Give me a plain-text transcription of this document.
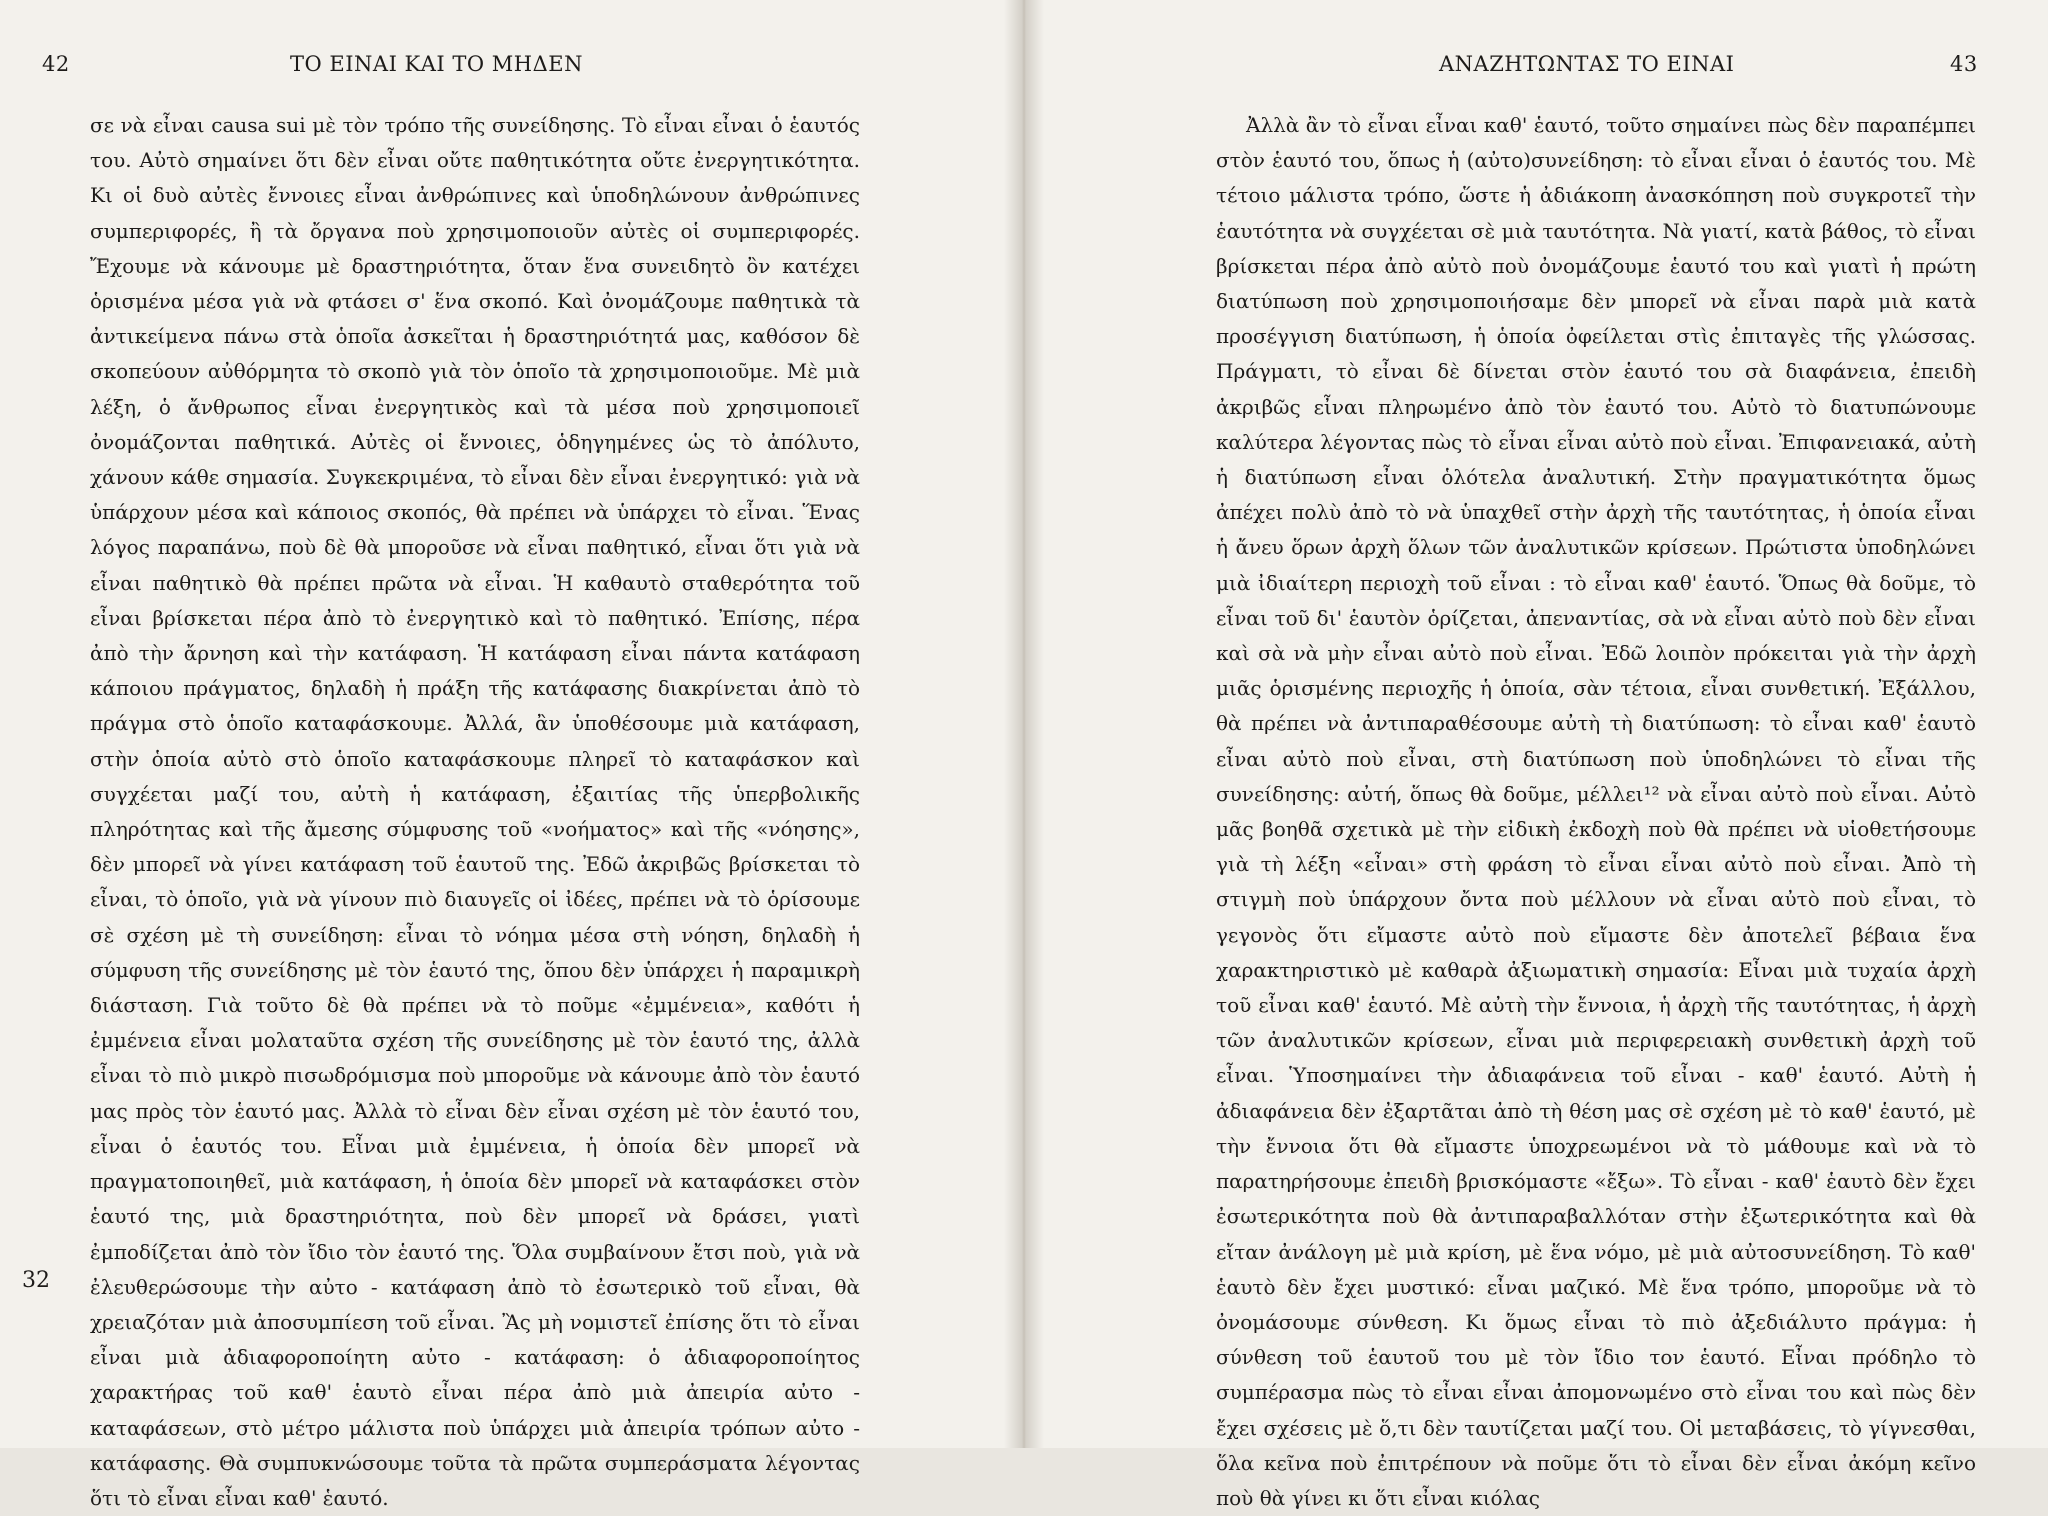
42	ΤΟ ΕΙΝΑΙ ΚΑΙ ΤΟ ΜΗΔΕΝ
32

σε νὰ εἶναι causa sui μὲ τὸν τρόπο τῆς συνείδησης. Τὸ εἶναι εἶναι ὁ ἑαυτός του. Αὐτὸ σημαίνει ὅτι δὲν εἶναι οὔτε παθητικότητα οὔτε ἐνεργητικότητα. Κι οἱ δυὸ αὐτὲς ἔννοιες εἶναι ἀνθρώπινες καὶ ὑποδηλώνουν ἀνθρώπινες συμπεριφορές, ἢ τὰ ὄργανα ποὺ χρησιμοποιοῦν αὐτὲς οἱ συμπεριφορές. Ἔχουμε νὰ κάνουμε μὲ δραστηριότητα, ὅταν ἕνα συνειδητὸ ὂν κατέχει ὁρισμένα μέσα γιὰ νὰ φτάσει σ' ἕνα σκοπό. Καὶ ὀνομάζουμε παθητικὰ τὰ ἀντικείμενα πάνω στὰ ὁποῖα ἀσκεῖται ἡ δραστηριότητά μας, καθόσον δὲ σκοπεύουν αὐθόρμητα τὸ σκοπὸ γιὰ τὸν ὁποῖο τὰ χρησιμοποιοῦμε. Μὲ μιὰ λέξη, ὁ ἄνθρωπος εἶναι ἐνεργητικὸς καὶ τὰ μέσα ποὺ χρησιμοποιεῖ ὀνομάζονται παθητικά. Αὐτὲς οἱ ἔννοιες, ὁδηγημένες ὡς τὸ ἀπόλυτο, χάνουν κάθε σημασία. Συγκεκριμένα, τὸ εἶναι δὲν εἶναι ἐνεργητικό: γιὰ νὰ ὑπάρχουν μέσα καὶ κάποιος σκοπός, θὰ πρέπει νὰ ὑπάρχει τὸ εἶναι. Ἕνας λόγος παραπάνω, ποὺ δὲ θὰ μποροῦσε νὰ εἶναι παθητικό, εἶναι ὅτι γιὰ νὰ εἶναι παθητικὸ θὰ πρέπει πρῶτα νὰ εἶναι. Ἡ καθαυτὸ σταθερότητα τοῦ εἶναι βρίσκεται πέρα ἀπὸ τὸ ἐνεργητικὸ καὶ τὸ παθητικό. Ἐπίσης, πέρα ἀπὸ τὴν ἄρνηση καὶ τὴν κατάφαση. Ἡ κατάφαση εἶναι πάντα κατάφαση κάποιου πράγματος, δηλαδὴ ἡ πράξη τῆς κατάφασης διακρίνεται ἀπὸ τὸ πράγμα στὸ ὁποῖο καταφάσκουμε. Ἀλλά, ἂν ὑποθέσουμε μιὰ κατάφαση, στὴν ὁποία αὐτὸ στὸ ὁποῖο καταφάσκουμε πληρεῖ τὸ καταφάσκον καὶ συγχέεται μαζί του, αὐτὴ ἡ κατάφαση, ἐξαιτίας τῆς ὑπερβολικῆς πληρότητας καὶ τῆς ἄμεσης σύμφυσης τοῦ «νοήματος» καὶ τῆς «νόησης», δὲν μπορεῖ νὰ γίνει κατάφαση τοῦ ἑαυτοῦ της. Ἐδῶ ἀκριβῶς βρίσκεται τὸ εἶναι, τὸ ὁποῖο, γιὰ νὰ γίνουν πιὸ διαυγεῖς οἱ ἰδέες, πρέπει νὰ τὸ ὁρίσουμε σὲ σχέση μὲ τὴ συνείδηση: εἶναι τὸ νόημα μέσα στὴ νόηση, δηλαδὴ ἡ σύμφυση τῆς συνείδησης μὲ τὸν ἑαυτό της, ὅπου δὲν ὑπάρχει ἡ παραμικρὴ διάσταση. Γιὰ τοῦτο δὲ θὰ πρέπει νὰ τὸ ποῦμε «ἐμμένεια», καθότι ἡ ἐμμένεια εἶναι μολαταῦτα σχέση τῆς συνείδησης μὲ τὸν ἑαυτό της, ἀλλὰ εἶναι τὸ πιὸ μικρὸ πισωδρόμισμα ποὺ μποροῦμε νὰ κάνουμε ἀπὸ τὸν ἑαυτό μας πρὸς τὸν ἑαυτό μας. Ἀλλὰ τὸ εἶναι δὲν εἶναι σχέση μὲ τὸν ἑαυτό του, εἶναι ὁ ἑαυτός του. Εἶναι μιὰ ἐμμένεια, ἡ ὁποία δὲν μπορεῖ νὰ πραγματοποιηθεῖ, μιὰ κατάφαση, ἡ ὁποία δὲν μπορεῖ νὰ καταφάσκει στὸν ἑαυτό της, μιὰ δραστηριότητα, ποὺ δὲν μπορεῖ νὰ δράσει, γιατὶ ἐμποδίζεται ἀπὸ τὸν ἴδιο τὸν ἑαυτό της. Ὅλα συμβαίνουν ἔτσι ποὺ, γιὰ νὰ ἐλευθερώσουμε τὴν αὐτο - κατάφαση ἀπὸ τὸ ἐσωτερικὸ τοῦ εἶναι, θὰ χρειαζόταν μιὰ ἀποσυμπίεση τοῦ εἶναι. Ἂς μὴ νομιστεῖ ἐπίσης ὅτι τὸ εἶναι εἶναι μιὰ ἀδιαφοροποίητη αὐτο - κατάφαση: ὁ ἀδιαφοροποίητος χαρακτήρας τοῦ καθ' ἑαυτὸ εἶναι πέρα ἀπὸ μιὰ ἀπειρία αὐτο - καταφάσεων, στὸ μέτρο μάλιστα ποὺ ὑπάρχει μιὰ ἀπειρία τρόπων αὐτο - κατάφασης. Θὰ συμπυκνώσουμε τοῦτα τὰ πρῶτα συμπεράσματα λέγοντας ὅτι τὸ εἶναι εἶναι καθ' ἑαυτό.

ΑΝΑΖΗΤΩΝΤΑΣ ΤΟ ΕΙΝΑΙ	43

Ἀλλὰ ἂν τὸ εἶναι εἶναι καθ' ἑαυτό, τοῦτο σημαίνει πὼς δὲν παραπέμπει στὸν ἑαυτό του, ὅπως ἡ (αὐτο)συνείδηση: τὸ εἶναι εἶναι ὁ ἑαυτός του. Μὲ τέτοιο μάλιστα τρόπο, ὥστε ἡ ἀδιάκοπη ἀνασκόπηση ποὺ συγκροτεῖ τὴν ἑαυτότητα νὰ συγχέεται σὲ μιὰ ταυτότητα. Νὰ γιατί, κατὰ βάθος, τὸ εἶναι βρίσκεται πέρα ἀπὸ αὐτὸ ποὺ ὀνομάζουμε ἑαυτό του καὶ γιατὶ ἡ πρώτη διατύπωση ποὺ χρησιμοποιήσαμε δὲν μπορεῖ νὰ εἶναι παρὰ μιὰ κατὰ προσέγγιση διατύπωση, ἡ ὁποία ὀφείλεται στὶς ἐπιταγὲς τῆς γλώσσας. Πράγματι, τὸ εἶναι δὲ δίνεται στὸν ἑαυτό του σὰ διαφάνεια, ἐπειδὴ ἀκριβῶς εἶναι πληρωμένο ἀπὸ τὸν ἑαυτό του. Αὐτὸ τὸ διατυπώνουμε καλύτερα λέγοντας πὼς τὸ εἶναι εἶναι αὐτὸ ποὺ εἶναι. Ἐπιφανειακά, αὐτὴ ἡ διατύπωση εἶναι ὁλότελα ἀναλυτική. Στὴν πραγματικότητα ὅμως ἀπέχει πολὺ ἀπὸ τὸ νὰ ὑπαχθεῖ στὴν ἀρχὴ τῆς ταυτότητας, ἡ ὁποία εἶναι ἡ ἄνευ ὅρων ἀρχὴ ὅλων τῶν ἀναλυτικῶν κρίσεων. Πρώτιστα ὑποδηλώνει μιὰ ἰδιαίτερη περιοχὴ τοῦ εἶναι : τὸ εἶναι καθ' ἑαυτό. Ὅπως θὰ δοῦμε, τὸ εἶναι τοῦ δι' ἑαυτὸν ὁρίζεται, ἀπεναντίας, σὰ νὰ εἶναι αὐτὸ ποὺ δὲν εἶναι καὶ σὰ νὰ μὴν εἶναι αὐτὸ ποὺ εἶναι. Ἐδῶ λοιπὸν πρόκειται γιὰ τὴν ἀρχὴ μιᾶς ὁρισμένης περιοχῆς ἡ ὁποία, σὰν τέτοια, εἶναι συνθετική. Ἐξάλλου, θὰ πρέπει νὰ ἀντιπαραθέσουμε αὐτὴ τὴ διατύπωση: τὸ εἶναι καθ' ἑαυτὸ εἶναι αὐτὸ ποὺ εἶναι, στὴ διατύπωση ποὺ ὑποδηλώνει τὸ εἶναι τῆς συνείδησης: αὐτή, ὅπως θὰ δοῦμε, μέλλει¹² νὰ εἶναι αὐτὸ ποὺ εἶναι. Αὐτὸ μᾶς βοηθᾶ σχετικὰ μὲ τὴν εἰδικὴ ἐκδοχὴ ποὺ θὰ πρέπει νὰ υἱοθετήσουμε γιὰ τὴ λέξη «εἶναι» στὴ φράση τὸ εἶναι εἶναι αὐτὸ ποὺ εἶναι. Ἀπὸ τὴ στιγμὴ ποὺ ὑπάρχουν ὄντα ποὺ μέλλουν νὰ εἶναι αὐτὸ ποὺ εἶναι, τὸ γεγονὸς ὅτι εἴμαστε αὐτὸ ποὺ εἴμαστε δὲν ἀποτελεῖ βέβαια ἕνα χαρακτηριστικὸ μὲ καθαρὰ ἀξιωματικὴ σημασία: Εἶναι μιὰ τυχαία ἀρχὴ τοῦ εἶναι καθ' ἑαυτό. Μὲ αὐτὴ τὴν ἔννοια, ἡ ἀρχὴ τῆς ταυτότητας, ἡ ἀρχὴ τῶν ἀναλυτικῶν κρίσεων, εἶναι μιὰ περιφερειακὴ συνθετικὴ ἀρχὴ τοῦ εἶναι. Ὑποσημαίνει τὴν ἀδιαφάνεια τοῦ εἶναι - καθ' ἑαυτό. Αὐτὴ ἡ ἀδιαφάνεια δὲν ἐξαρτᾶται ἀπὸ τὴ θέση μας σὲ σχέση μὲ τὸ καθ' ἑαυτό, μὲ τὴν ἔννοια ὅτι θὰ εἴμαστε ὑποχρεωμένοι νὰ τὸ μάθουμε καὶ νὰ τὸ παρατηρήσουμε ἐπειδὴ βρισκόμαστε «ἔξω». Τὸ εἶναι - καθ' ἑαυτὸ δὲν ἔχει ἐσωτερικότητα ποὺ θὰ ἀντιπαραβαλλόταν στὴν ἐξωτερικότητα καὶ θὰ εἴταν ἀνάλογη μὲ μιὰ κρίση, μὲ ἕνα νόμο, μὲ μιὰ αὐτοσυνείδηση. Τὸ καθ' ἑαυτὸ δὲν ἔχει μυστικό: εἶναι μαζικό. Μὲ ἕνα τρόπο, μποροῦμε νὰ τὸ ὀνομάσουμε σύνθεση. Κι ὅμως εἶναι τὸ πιὸ ἀξεδιάλυτο πράγμα: ἡ σύνθεση τοῦ ἑαυτοῦ του μὲ τὸν ἴδιο τον ἑαυτό. Εἶναι πρόδηλο τὸ συμπέρασμα πὼς τὸ εἶναι εἶναι ἀπομονωμένο στὸ εἶναι του καὶ πὼς δὲν ἔχει σχέσεις μὲ ὅ,τι δὲν ταυτίζεται μαζί του. Οἱ μεταβάσεις, τὸ γίγνεσθαι, ὅλα κεῖνα ποὺ ἐπιτρέπουν νὰ ποῦμε ὅτι τὸ εἶναι δὲν εἶναι ἀκόμη κεῖνο ποὺ θὰ γίνει κι ὅτι εἶναι κιόλας
